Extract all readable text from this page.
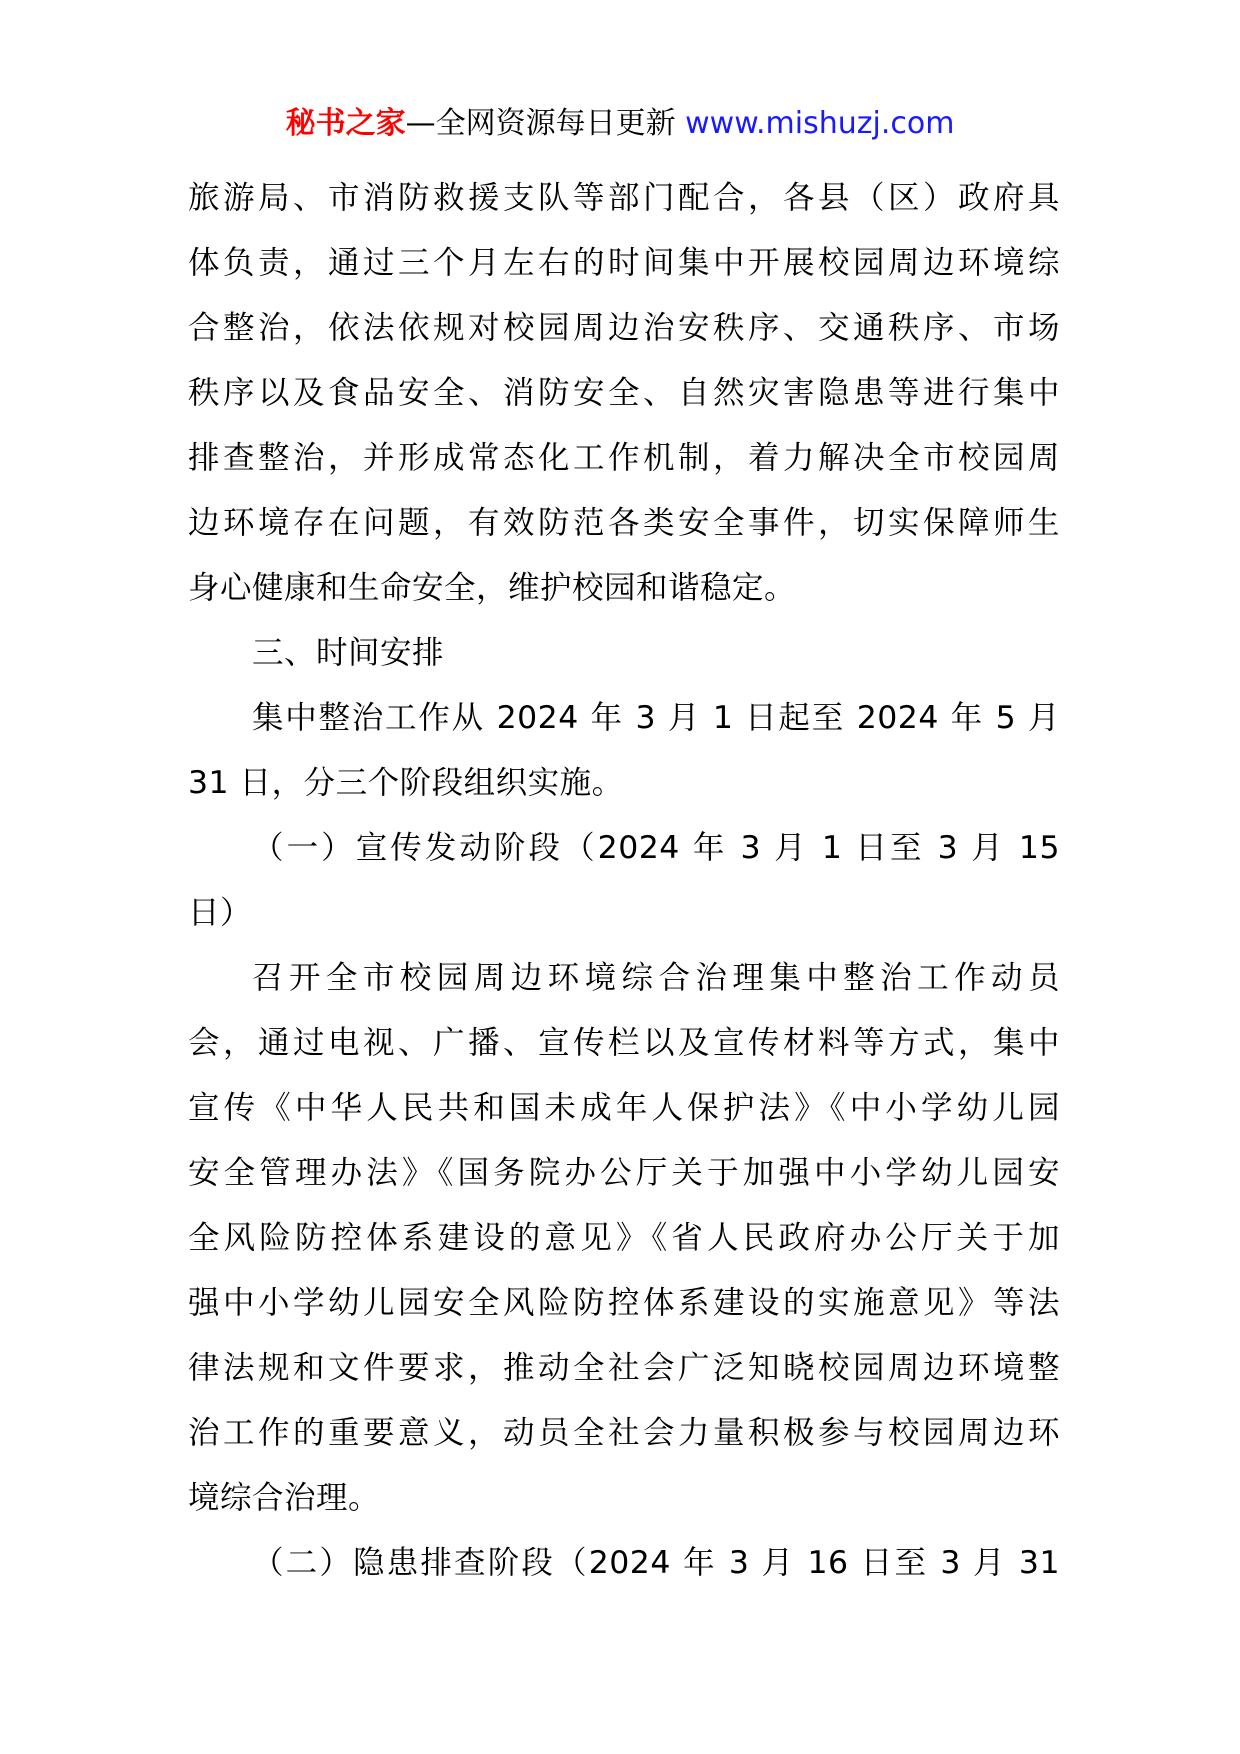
秘书之家—全网资源每日更新 www.mishuzj.com
旅游局、市消防救援支队等部门配合，各县（区）政府具
体负责，通过三个月左右的时间集中开展校园周边环境综
合整治，依法依规对校园周边治安秩序、交通秩序、市场
秩序以及食品安全、消防安全、自然灾害隐患等进行集中
排查整治，并形成常态化工作机制，着力解决全市校园周
边环境存在问题，有效防范各类安全事件，切实保障师生
身心健康和生命安全，维护校园和谐稳定。
三、时间安排
集中整治工作从 2024 年 3 月 1 日起至 2024 年 5 月
31 日，分三个阶段组织实施。
（一）宣传发动阶段（2024 年 3 月 1 日至 3 月 15
日）
召开全市校园周边环境综合治理集中整治工作动员
会，通过电视、广播、宣传栏以及宣传材料等方式，集中
宣传《中华人民共和国未成年人保护法》《中小学幼儿园
安全管理办法》《国务院办公厅关于加强中小学幼儿园安
全风险防控体系建设的意见》《省人民政府办公厅关于加
强中小学幼儿园安全风险防控体系建设的实施意见》等法
律法规和文件要求，推动全社会广泛知晓校园周边环境整
治工作的重要意义，动员全社会力量积极参与校园周边环
境综合治理。
（二）隐患排查阶段（2024 年 3 月 16 日至 3 月 31
